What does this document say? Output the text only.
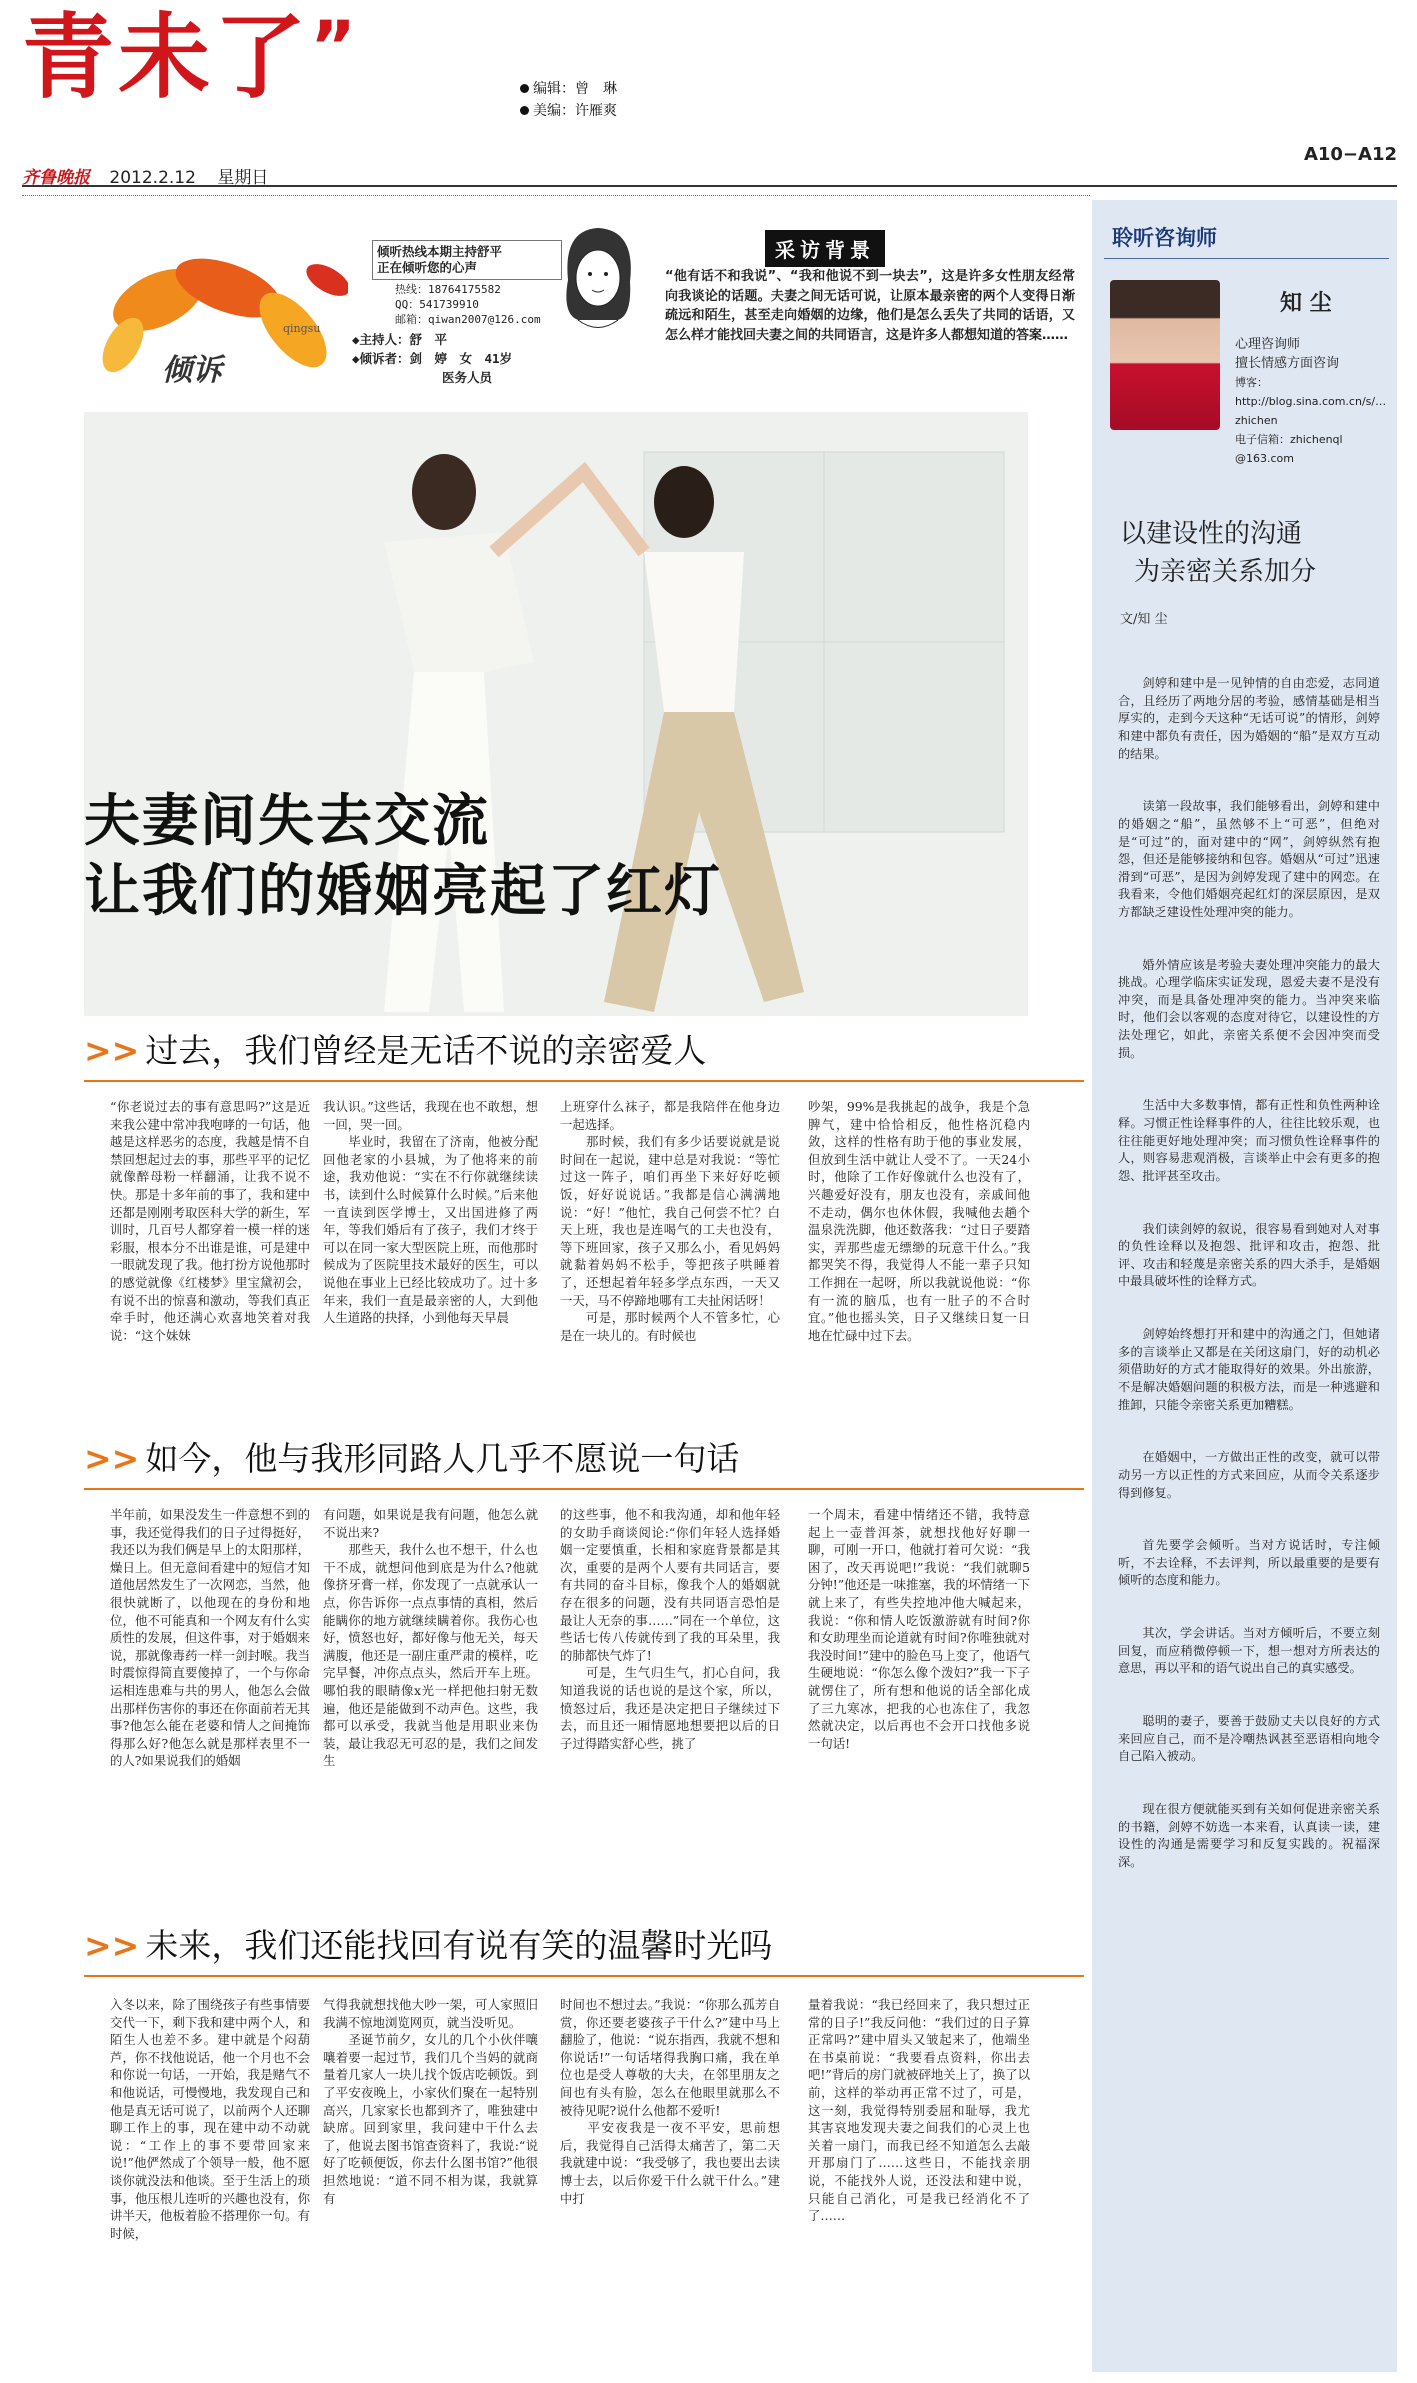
青未了”
编辑：曾　琳
美编：许雁爽
A10−A12
齐鲁晚报 2012.2.12 星期日
倾诉
qingsu
倾听热线本期主持舒平
正在倾听您的心声
热线：18764175582
QQ：541739910
邮箱：qiwan2007@126.com
◆主持人：舒　平
◆倾诉者：剑　婷　女　41岁
医务人员
采访背景
“他有话不和我说”、“我和他说不到一块去”，这是许多女性朋友经常向我谈论的话题。夫妻之间无话可说，让原本最亲密的两个人变得日渐疏远和陌生，甚至走向婚姻的边缘，他们是怎么丢失了共同的话语，又怎么样才能找回夫妻之间的共同语言，这是许多人都想知道的答案……
夫妻间失去交流
让我们的婚姻亮起了红灯
>> 过去，我们曾经是无话不说的亲密爱人
“你老说过去的事有意思吗?”这是近来我公建中常冲我咆哮的一句话，他越是这样恶劣的态度，我越是情不自禁回想起过去的事，那些平平的记忆就像醉母粉一样翻涌，让我不说不快。那是十多年前的事了，我和建中还都是刚刚考取医科大学的新生，军训时，几百号人都穿着一模一样的迷彩服，根本分不出谁是谁，可是建中一眼就发现了我。他打扮方说他那时的感觉就像《红楼梦》里宝黛初会，有说不出的惊喜和激动，等我们真正牵手时，他还满心欢喜地笑着对我说：“这个妹妹
我认识。”这些话，我现在也不敢想，想一回，哭一回。
　　毕业时，我留在了济南，他被分配回他老家的小县城，为了他将来的前途，我劝他说：“实在不行你就继续读书，读到什么时候算什么时候。”后来他一直读到医学博士，又出国进修了两年，等我们婚后有了孩子，我们才终于可以在同一家大型医院上班，而他那时候成为了医院里技术最好的医生，可以说他在事业上已经比较成功了。过十多年来，我们一直是最亲密的人，大到他人生道路的抉择，小到他每天早晨
上班穿什么袜子，都是我陪伴在他身边一起选择。
　　那时候，我们有多少话要说就是说时间在一起说，建中总是对我说：“等忙过这一阵子，咱们再坐下来好好吃顿饭，好好说说话。”我都是信心满满地说：“好！”他忙，我自己何尝不忙？白天上班，我也是连喝气的工夫也没有，等下班回家，孩子又那么小，看见妈妈就黏着妈妈不松手，等把孩子哄睡着了，还想起着年轻多学点东西，一天又一天，马不停蹄地哪有工夫扯闲话呀！
　　可是，那时候两个人不管多忙，心是在一块儿的。有时候也
吵架，99%是我挑起的战争，我是个急脾气，建中恰恰相反，他性格沉稳内敛，这样的性格有助于他的事业发展，但放到生活中就让人受不了。一天24小时，他除了工作好像就什么也没有了，兴趣爱好没有，朋友也没有，亲戚间他不走动，偶尔也休休假，我喊他去趟个温泉洗洗脚，他还数落我：“过日子要踏实，弄那些虚无缥缈的玩意干什么。”我都哭笑不得，我觉得人不能一辈子只知工作拥在一起呀，所以我就说他说：“你有一流的脑瓜，也有一肚子的不合时宜。”他也摇头笑，日子又继续日复一日地在忙碌中过下去。
>> 如今，他与我形同路人几乎不愿说一句话
半年前，如果没发生一件意想不到的事，我还觉得我们的日子过得挺好，我还以为我们俩是早上的太阳那样，燥日上。但无意间看建中的短信才知道他居然发生了一次网恋，当然，他很快就断了，以他现在的身份和地位，他不可能真和一个网友有什么实质性的发展，但这件事，对于婚姻来说，那就像毒药一样一剑封喉。我当时震惊得简直要傻掉了，一个与你命运相连患难与共的男人，他怎么会做出那样伤害你的事还在你面前若无其事?他怎么能在老婆和情人之间掩饰得那么好?他怎么就是那样表里不一的人?如果说我们的婚姻
有问题，如果说是我有问题，他怎么就不说出来?
　　那些天，我什么也不想干，什么也干不成，就想问他到底是为什么?他就像挤牙膏一样，你发现了一点就承认一点，你告诉你一点点事情的真相，然后能瞒你的地方就继续瞒着你。我伤心也好，愤怒也好，都好像与他无关，每天满腹，他还是一副庄重严肃的模样，吃完早餐，冲你点点头，然后开车上班。哪怕我的眼睛像x光一样把他扫射无数遍，他还是能做到不动声色。这些，我都可以承受，我就当他是用职业来伪装，最让我忍无可忍的是，我们之间发生
的这些事，他不和我沟通，却和他年轻的女助手商谈阅论:“你们年轻人选择婚姻一定要慎重，长相和家庭背景都是其次，重要的是两个人要有共同话言，要有共同的奋斗目标，像我个人的婚姻就存在很多的问题，没有共同语言恐怕是最让人无奈的事……”同在一个单位，这些话七传八传就传到了我的耳朵里，我的肺都快气炸了!
　　可是，生气归生气，扪心自问，我知道我说的话也说的是这个家，所以，愤怒过后，我还是决定把日子继续过下去，而且还一厢情愿地想要把以后的日子过得踏实舒心些，挑了
一个周末，看建中情绪还不错，我特意起上一壶普洱茶，就想找他好好聊一聊，可刚一开口，他就打着可欠说：“我困了，改天再说吧!”我说：“我们就聊5分钟!”他还是一味推塞，我的坏情绪一下就上来了，有些失控地冲他大喊起来，我说：“你和情人吃饭激游就有时间?你和女助理坐而论道就有时间?你唯独就对我没时间!”建中的脸色马上变了，他语气生硬地说：“你怎么像个泼妇?”我一下子就愣住了，所有想和他说的话全部化成了三九寒冰，把我的心也冻住了，我忽然就决定，以后再也不会开口找他多说一句话!
>> 未来，我们还能找回有说有笑的温馨时光吗
入冬以来，除了围绕孩子有些事情要交代一下，剩下我和建中两个人，和陌生人也差不多。建中就是个闷葫芦，你不找他说话，他一个月也不会和你说一句话，一开始，我是赌气不和他说话，可慢慢地，我发现自己和他是真无话可说了，以前两个人还聊聊工作上的事，现在建中动不动就说：“工作上的事不要带回家来说!”他俨然成了个领导一般，他不愿谈你就没法和他谈。至于生活上的琐事，他压根儿连听的兴趣也没有，你讲半天，他板着脸不搭理你一句。有时候，
气得我就想找他大吵一架，可人家照旧我满不惊地浏览网页，就当没听见。
　　圣诞节前夕，女儿的几个小伙伴嚷嚷着要一起过节，我们几个当妈的就商量着几家人一块儿找个饭店吃顿饭。到了平安夜晚上，小家伙们聚在一起特别高兴，几家家长也都到齐了，唯独建中缺席。回到家里，我问建中干什么去了，他说去图书馆查资料了，我说:“说好了吃顿便饭，你去什么图书馆?”他很担然地说：“道不同不相为谋，我就算有
时间也不想过去。”我说：“你那么孤芳自赏，你还要老婆孩子干什么?”建中马上翻脸了，他说：“说东指西，我就不想和你说话!”一句话堵得我胸口痛，我在单位也是受人尊敬的大夫，在邻里朋友之间也有头有脸，怎么在他眼里就那么不被待见呢?说什么他都不爱听!
　　平安夜我是一夜不平安，思前想后，我觉得自己活得太痛苦了，第二天我就建中说：“我受够了，我也要出去读博士去，以后你爱干什么就干什么。”建中打
量着我说：“我已经回来了，我只想过正常的日子!”我反问他：“我们过的日子算正常吗?”建中眉头又皱起来了，他端坐在书桌前说：“我要看点资料，你出去吧!”背后的房门就被砰地关上了，换了以前，这样的举动再正常不过了，可是，这一刻，我觉得特别委屈和耻辱，我尤其害哀地发现夫妻之间我们的心灵上也关着一扇门，而我已经不知道怎么去敲开那扇门了……这些日，不能找亲朋说，不能找外人说，还没法和建中说，只能自己消化，可是我已经消化不了了……
聆听咨询师
知 尘
心理咨询师
擅长情感方面咨询
博客：http://blog.sina.com.cn/s/…
zhichen
电子信箱：zhichenql
@163.com
以建设性的沟通
为亲密关系加分
文/知 尘

剑婷和建中是一见钟情的自由恋爱，志同道合，且经历了两地分居的考验，感情基础是相当厚实的，走到今天这种“无话可说”的情形，剑婷和建中都负有责任，因为婚姻的“船”是双方互动的结果。

读第一段故事，我们能够看出，剑婷和建中的婚姻之“船”，虽然够不上“可恶”，但绝对是“可过”的，面对建中的“网”，剑婷纵然有抱怨，但还是能够接纳和包容。婚姻从“可过”迅速滑到“可恶”，是因为剑婷发现了建中的网恋。在我看来，令他们婚姻亮起红灯的深层原因，是双方都缺乏建设性处理冲突的能力。

婚外情应该是考验夫妻处理冲突能力的最大挑战。心理学临床实证发现，恩爱夫妻不是没有冲突，而是具备处理冲突的能力。当冲突来临时，他们会以客观的态度对待它，以建设性的方法处理它，如此，亲密关系便不会因冲突而受损。

生活中大多数事情，都有正性和负性两种诠释。习惯正性诠释事件的人，往往比较乐观，也往往能更好地处理冲突；而习惯负性诠释事件的人，则容易悲观消极，言谈举止中会有更多的抱怨、批评甚至攻击。

我们读剑婷的叙说，很容易看到她对人对事的负性诠释以及抱怨、批评和攻击，抱怨、批评、攻击和轻蔑是亲密关系的四大杀手，是婚姻中最具破坏性的诠释方式。

剑婷始终想打开和建中的沟通之门，但她诸多的言谈举止又都是在关闭这扇门，好的动机必须借助好的方式才能取得好的效果。外出旅游，不是解决婚姻问题的积极方法，而是一种逃避和推卸，只能令亲密关系更加糟糕。

在婚姻中，一方做出正性的改变，就可以带动另一方以正性的方式来回应，从而令关系逐步得到修复。

首先要学会倾听。当对方说话时，专注倾听，不去诠释，不去评判，所以最重要的是要有倾听的态度和能力。

其次，学会讲话。当对方倾听后，不要立刻回复，而应稍微停顿一下，想一想对方所表达的意思，再以平和的语气说出自己的真实感受。

聪明的妻子，要善于鼓励丈夫以良好的方式来回应自己，而不是冷嘲热讽甚至恶语相向地令自己陷入被动。

现在很方便就能买到有关如何促进亲密关系的书籍，剑婷不妨选一本来看，认真读一读，建设性的沟通是需要学习和反复实践的。祝福深深。
